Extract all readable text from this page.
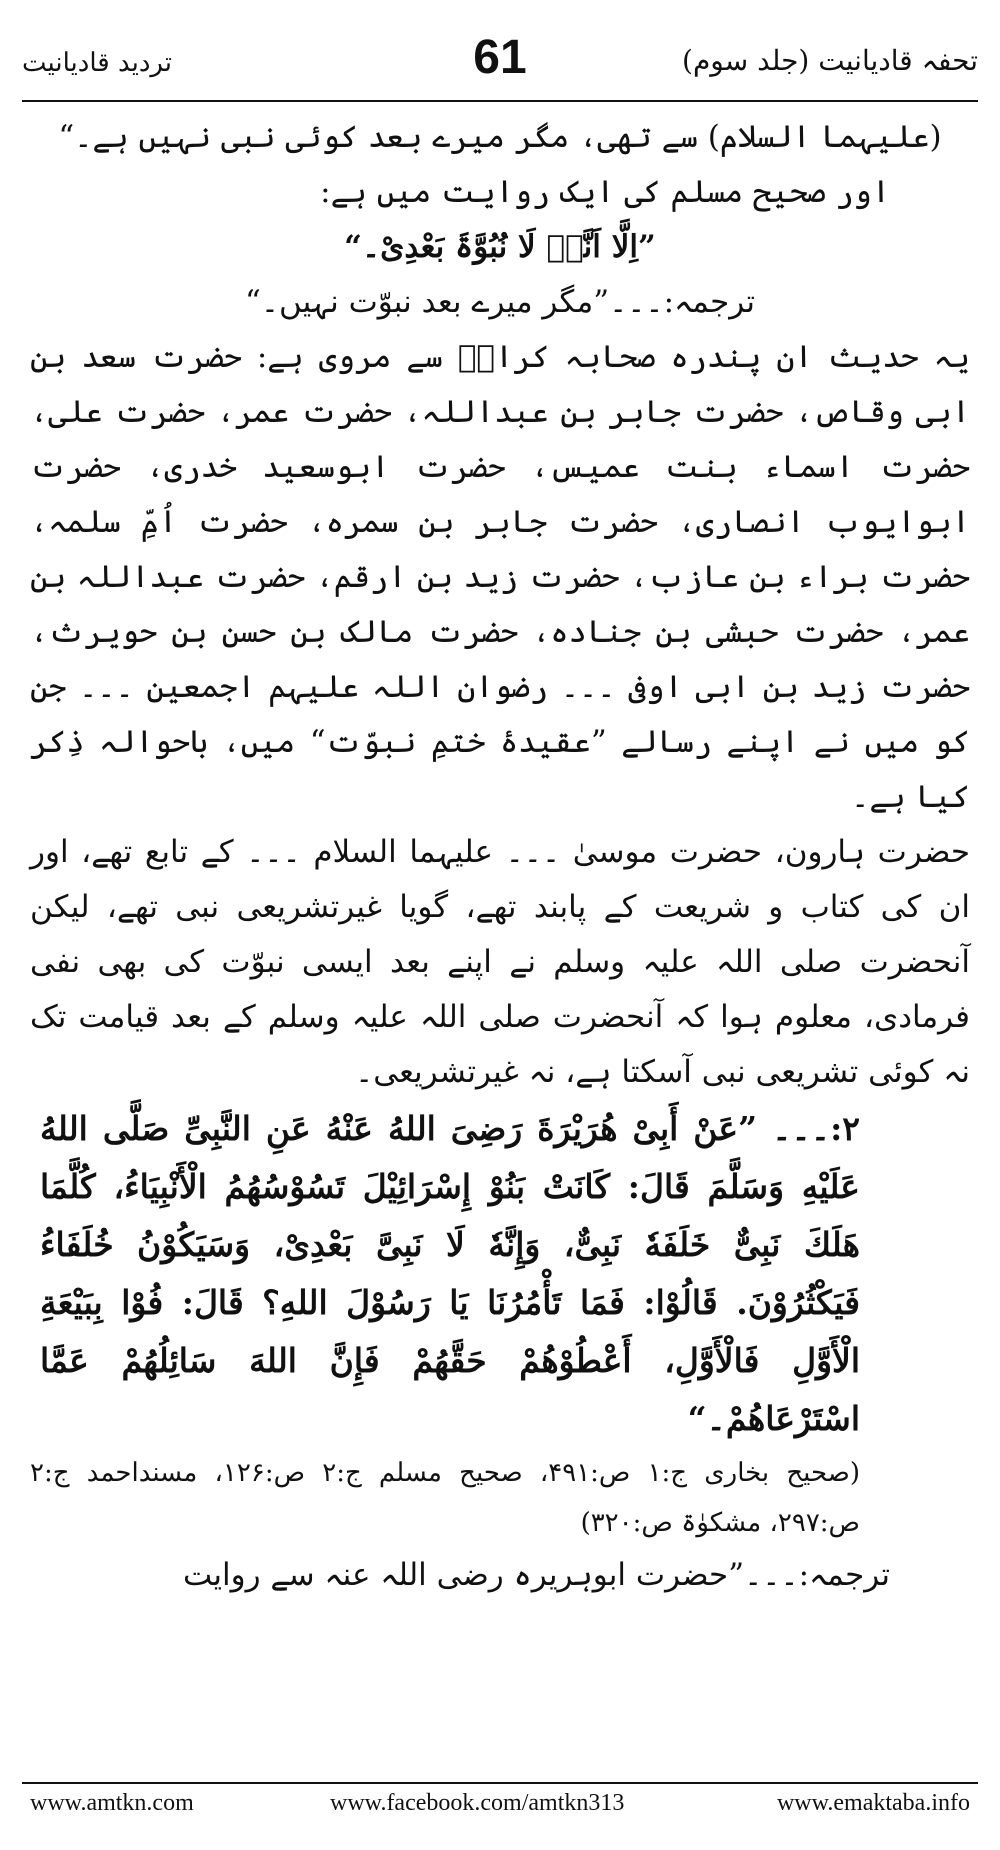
تحفہ قادیانیت (جلد سوم)
61
تردید قادیانیت

(علیہما السلام) سے تھی، مگر میرے بعد کوئی نبی نہیں ہے۔“

اور صحیح مسلم کی ایک روایت میں ہے:

”اِلَّا اَنَّہٗ لَا نُبُوَّۃَ بَعْدِیْ۔“

ترجمہ:۔۔۔”مگر میرے بعد نبوّت نہیں۔“

یہ حدیث ان پندرہ صحابہ کرامؓ سے مروی ہے: حضرت سعد بن ابی وقاص، حضرت جابر بن عبداللہ، حضرت عمر، حضرت علی، حضرت اسماء بنت عمیس، حضرت ابوسعید خدری، حضرت ابوایوب انصاری، حضرت جابر بن سمرہ، حضرت اُمِّ سلمہ، حضرت براء بن عازب، حضرت زید بن ارقم، حضرت عبداللہ بن عمر، حضرت حبشی بن جنادہ، حضرت مالک بن حسن بن حویرث، حضرت زید بن ابی اوفی ۔۔۔ رضوان اللہ علیہم اجمعین ۔۔۔ جن کو میں نے اپنے رسالے ”عقیدۂ ختمِ نبوّت“ میں، باحوالہ ذِکر کیا ہے۔

حضرت ہارون، حضرت موسیٰ ۔۔۔ علیہما السلام ۔۔۔ کے تابع تھے، اور ان کی کتاب و شریعت کے پابند تھے، گویا غیرتشریعی نبی تھے، لیکن آنحضرت صلی اللہ علیہ وسلم نے اپنے بعد ایسی نبوّت کی بھی نفی فرمادی، معلوم ہوا کہ آنحضرت صلی اللہ علیہ وسلم کے بعد قیامت تک نہ کوئی تشریعی نبی آسکتا ہے، نہ غیرتشریعی۔

۲:۔۔۔ ”عَنْ أَبِیْ هُرَیْرَةَ رَضِیَ اللهُ عَنْهُ عَنِ النَّبِیِّ صَلَّی اللهُ عَلَیْهِ وَسَلَّمَ قَالَ: كَانَتْ بَنُوْ إِسْرَائِیْلَ تَسُوْسُهُمُ الْأَنْبِیَاءُ، كُلَّمَا هَلَكَ نَبِیٌّ خَلَفَهٗ نَبِیٌّ، وَإِنَّهٗ لَا نَبِیَّ بَعْدِیْ، وَسَیَكُوْنُ خُلَفَاءُ فَیَكْثُرُوْنَ. قَالُوْا: فَمَا تَأْمُرُنَا یَا رَسُوْلَ اللهِ؟ قَالَ: فُوْا بِبَیْعَةِ الْأَوَّلِ فَالْأَوَّلِ، أَعْطُوْهُمْ حَقَّهُمْ فَإِنَّ اللهَ سَائِلُهُمْ عَمَّا اسْتَرْعَاهُمْ۔“

(صحیح بخاری ج:۱ ص:۴۹۱، صحیح مسلم ج:۲ ص:۱۲۶، مسنداحمد ج:۲ ص:۲۹۷، مشکوٰۃ ص:۳۲۰)

ترجمہ:۔۔۔”حضرت ابوہریرہ رضی اللہ عنہ سے روایت

www.amtkn.com	www.facebook.com/amtkn313	www.emaktaba.info
